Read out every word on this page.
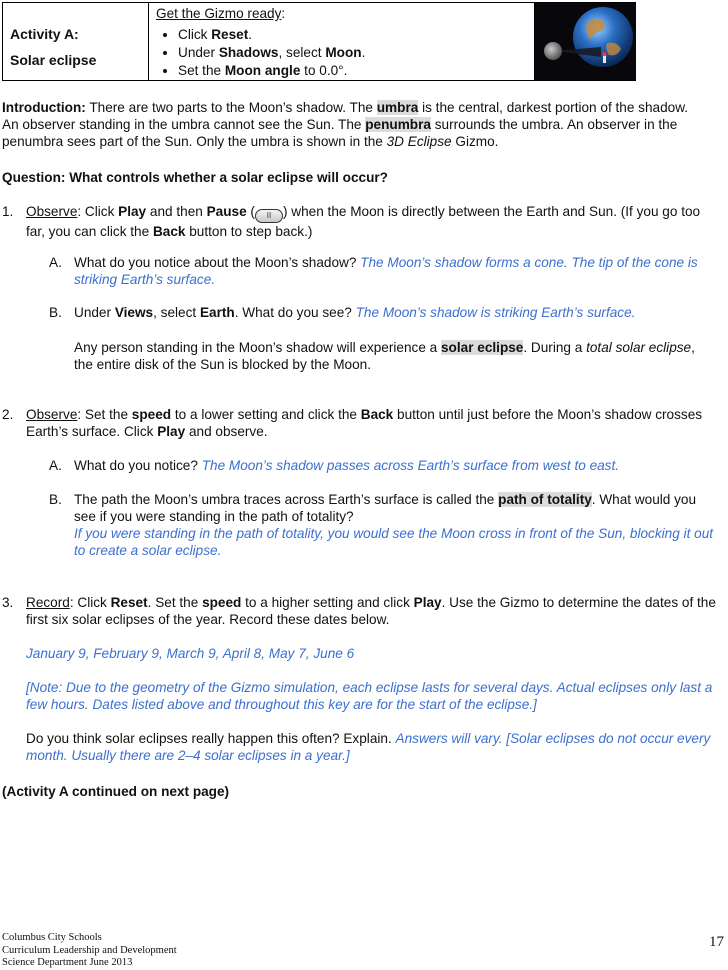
Activity A:
Solar eclipse
Get the Gizmo ready:
• Click Reset.
• Under Shadows, select Moon.
• Set the Moon angle to 0.0°.
Introduction: There are two parts to the Moon’s shadow. The umbra is the central, darkest portion of the shadow. An observer standing in the umbra cannot see the Sun. The penumbra surrounds the umbra. An observer in the penumbra sees part of the Sun. Only the umbra is shown in the 3D Eclipse Gizmo.
Question: What controls whether a solar eclipse will occur?
1. Observe: Click Play and then Pause ( II ) when the Moon is directly between the Earth and Sun. (If you go too far, you can click the Back button to step back.)
A. What do you notice about the Moon’s shadow? The Moon’s shadow forms a cone. The tip of the cone is striking Earth’s surface.
B. Under Views, select Earth. What do you see? The Moon’s shadow is striking Earth’s surface.
Any person standing in the Moon’s shadow will experience a solar eclipse. During a total solar eclipse, the entire disk of the Sun is blocked by the Moon.
2. Observe: Set the speed to a lower setting and click the Back button until just before the Moon’s shadow crosses Earth’s surface. Click Play and observe.
A. What do you notice? The Moon’s shadow passes across Earth’s surface from west to east.
B. The path the Moon’s umbra traces across Earth’s surface is called the path of totality. What would you see if you were standing in the path of totality?
If you were standing in the path of totality, you would see the Moon cross in front of the Sun, blocking it out to create a solar eclipse.
3. Record: Click Reset. Set the speed to a higher setting and click Play. Use the Gizmo to determine the dates of the first six solar eclipses of the year. Record these dates below.
January 9, February 9, March 9, April 8, May 7, June 6
[Note: Due to the geometry of the Gizmo simulation, each eclipse lasts for several days. Actual eclipses only last a few hours. Dates listed above and throughout this key are for the start of the eclipse.]
Do you think solar eclipses really happen this often? Explain. Answers will vary. [Solar eclipses do not occur every month. Usually there are 2–4 solar eclipses in a year.]
(Activity A continued on next page)
Columbus City Schools
Curriculum Leadership and Development
Science Department June 2013
17
